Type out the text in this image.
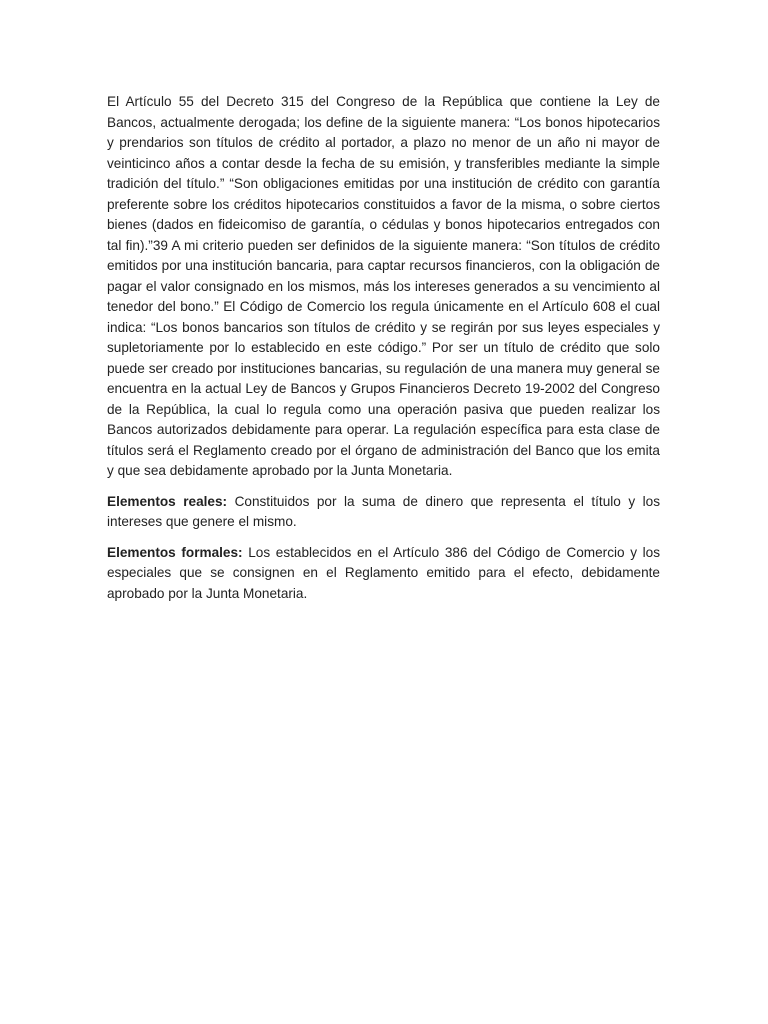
El Artículo 55 del Decreto 315 del Congreso de la República que contiene la Ley de Bancos, actualmente derogada; los define de la siguiente manera: “Los bonos hipotecarios y prendarios son títulos de crédito al portador, a plazo no menor de un año ni mayor de veinticinco años a contar desde la fecha de su emisión, y transferibles mediante la simple tradición del título.” “Son obligaciones emitidas por una institución de crédito con garantía preferente sobre los créditos hipotecarios constituidos a favor de la misma, o sobre ciertos bienes (dados en fideicomiso de garantía, o cédulas y bonos hipotecarios entregados con tal fin).”39 A mi criterio pueden ser definidos de la siguiente manera: “Son títulos de crédito emitidos por una institución bancaria, para captar recursos financieros, con la obligación de pagar el valor consignado en los mismos, más los intereses generados a su vencimiento al tenedor del bono.” El Código de Comercio los regula únicamente en el Artículo 608 el cual indica: “Los bonos bancarios son títulos de crédito y se regirán por sus leyes especiales y supletoriamente por lo establecido en este código.” Por ser un título de crédito que solo puede ser creado por instituciones bancarias, su regulación de una manera muy general se encuentra en la actual Ley de Bancos y Grupos Financieros Decreto 19-2002 del Congreso de la República, la cual lo regula como una operación pasiva que pueden realizar los Bancos autorizados debidamente para operar. La regulación específica para esta clase de títulos será el Reglamento creado por el órgano de administración del Banco que los emita y que sea debidamente aprobado por la Junta Monetaria.

Elementos reales: Constituidos por la suma de dinero que representa el título y los intereses que genere el mismo.

Elementos formales: Los establecidos en el Artículo 386 del Código de Comercio y los especiales que se consignen en el Reglamento emitido para el efecto, debidamente aprobado por la Junta Monetaria.
